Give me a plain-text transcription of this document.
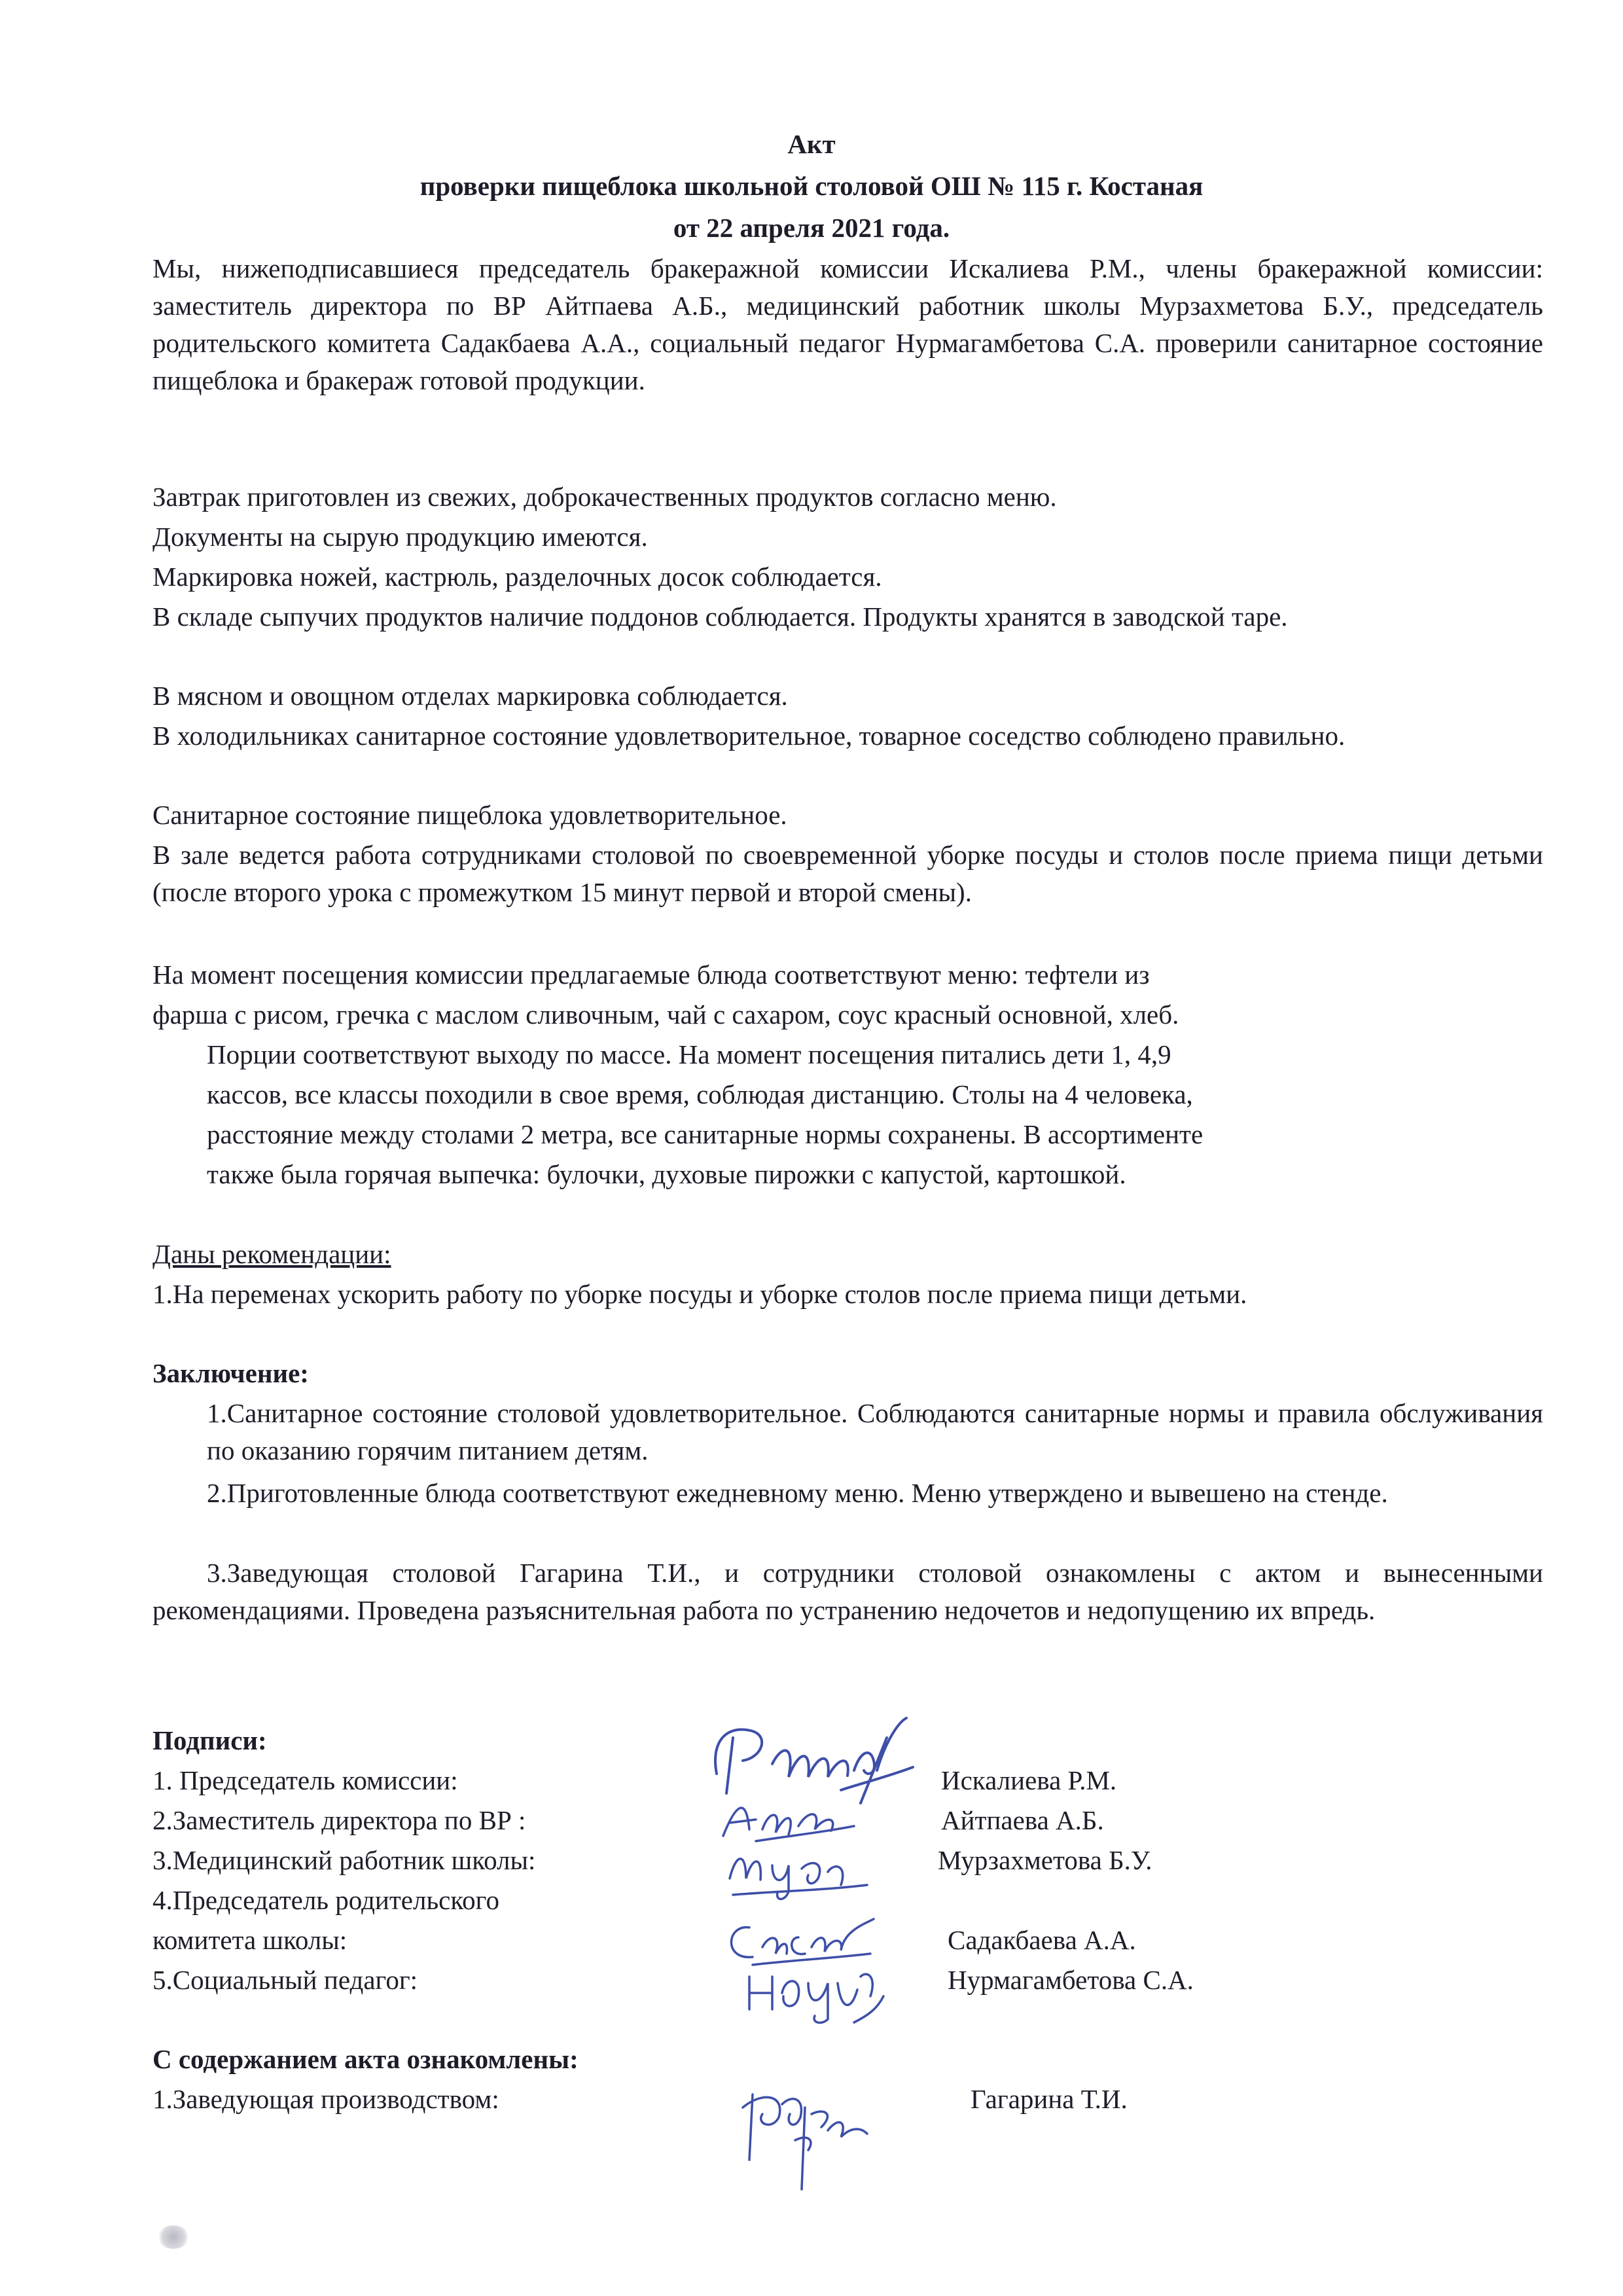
Акт
проверки пищеблока школьной столовой ОШ № 115 г. Костаная
от 22 апреля 2021 года.
Мы, нижеподписавшиеся председатель бракеражной комиссии Искалиева Р.М., члены бракеражной комиссии: заместитель директора по ВР Айтпаева А.Б., медицинский работник школы Мурзахметова Б.У., председатель родительского комитета Садакбаева А.А., социальный педагог Нурмагамбетова С.А. проверили санитарное состояние пищеблока и бракераж готовой продукции.
Завтрак приготовлен из свежих, доброкачественных продуктов согласно меню.
Документы на сырую продукцию имеются.
Маркировка ножей, кастрюль, разделочных досок соблюдается.
В складе сыпучих продуктов наличие поддонов соблюдается. Продукты хранятся в заводской таре.
В мясном и овощном отделах маркировка соблюдается.
В холодильниках санитарное состояние удовлетворительное, товарное соседство соблюдено правильно.
Санитарное состояние пищеблока удовлетворительное.
В зале ведется работа сотрудниками столовой по своевременной уборке посуды и столов после приема пищи детьми (после второго урока с промежутком 15 минут первой и второй смены).
На момент посещения комиссии предлагаемые блюда соответствуют меню: тефтели из
фарша с рисом, гречка с маслом сливочным, чай с сахаром, соус красный основной, хлеб.
Порции соответствуют выходу по массе. На момент посещения питались дети 1, 4,9
кассов, все классы походили в свое время, соблюдая дистанцию. Столы на 4 человека,
расстояние между столами 2 метра, все санитарные нормы сохранены. В ассортименте
также была горячая выпечка: булочки, духовые пирожки с капустой, картошкой.
Даны рекомендации:
1.На переменах ускорить работу по уборке посуды и уборке столов после приема пищи детьми.
Заключение:
1.Санитарное состояние столовой удовлетворительное. Соблюдаются санитарные нормы и правила обслуживания по оказанию горячим питанием детям.
2.Приготовленные блюда соответствуют ежедневному меню. Меню утверждено и вывешено на стенде.
3.Заведующая столовой Гагарина Т.И., и сотрудники столовой ознакомлены с актом и вынесенными рекомендациями. Проведена разъяснительная работа по устранению недочетов и недопущению их впредь.
Подписи:
1. Председатель комиссии:	Искалиева Р.М.
2.Заместитель директора по ВР :	Айтпаева А.Б.
3.Медицинский работник школы:	Мурзахметова Б.У.
4.Председатель родительского
комитета школы:	Садакбаева А.А.
5.Социальный педагог:	Нурмагамбетова С.А.
С содержанием акта ознакомлены:
1.Заведующая производством:	Гагарина Т.И.
